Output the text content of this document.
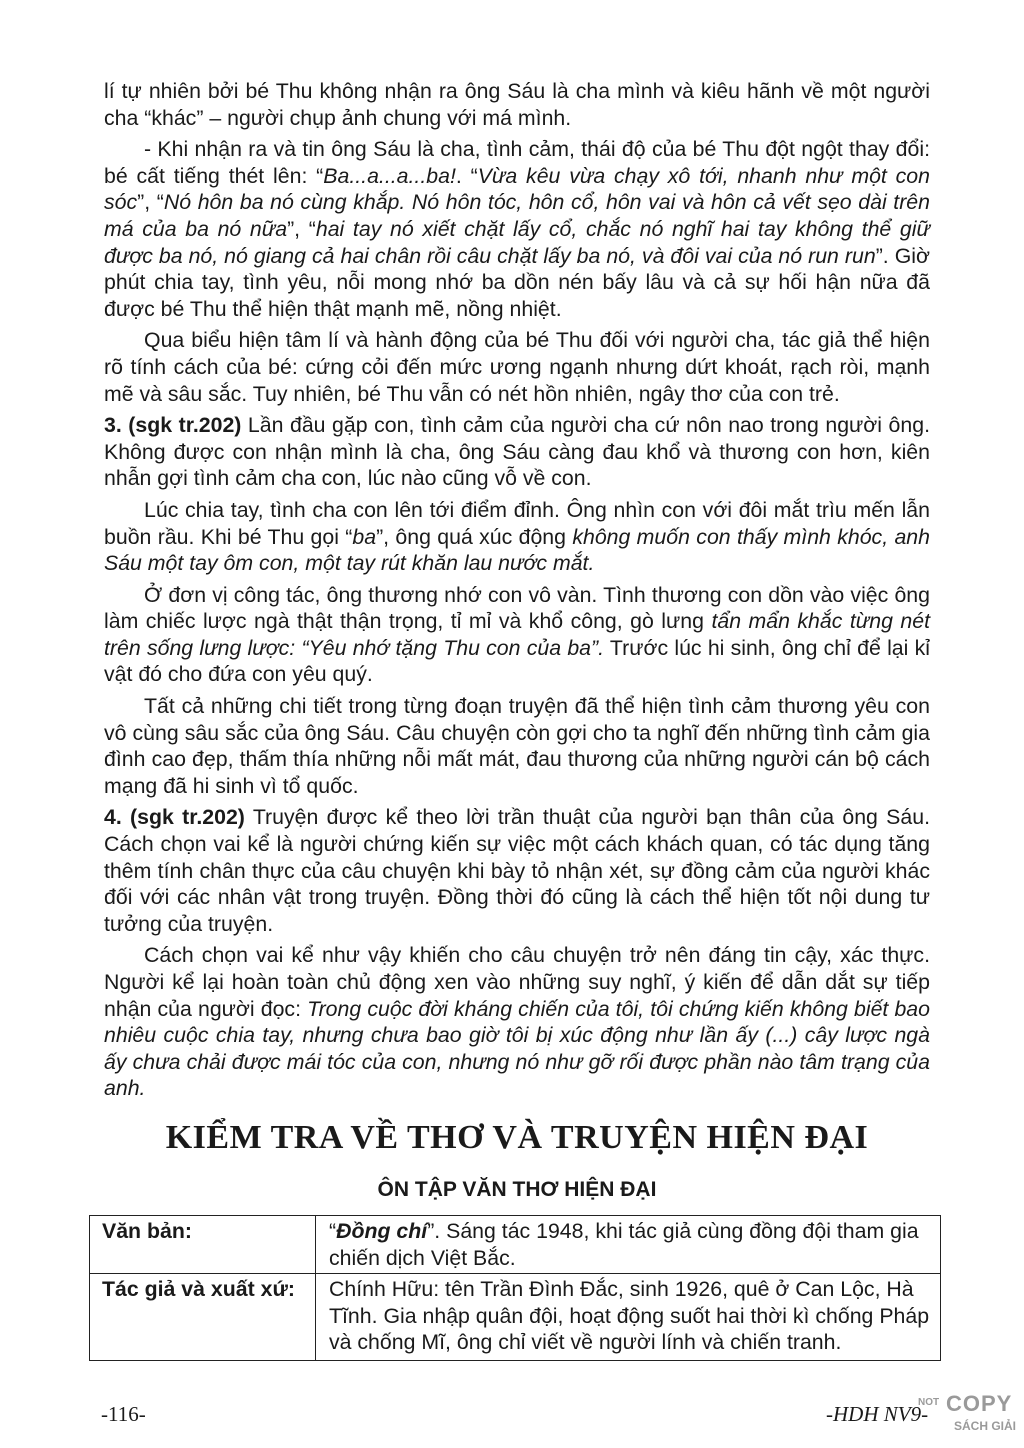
lí tự nhiên bởi bé Thu không nhận ra ông Sáu là cha mình và kiêu hãnh về một người cha “khác” – người chụp ảnh chung với má mình.

- Khi nhận ra và tin ông Sáu là cha, tình cảm, thái độ của bé Thu đột ngột thay đổi: bé cất tiếng thét lên: “Ba...a...a...ba!. “Vừa kêu vừa chạy xô tới, nhanh như một con sóc”, “Nó hôn ba nó cùng khắp. Nó hôn tóc, hôn cổ, hôn vai và hôn cả vết sẹo dài trên má của ba nó nữa”, “hai tay nó xiết chặt lấy cổ, chắc nó nghĩ hai tay không thể giữ được ba nó, nó giang cả hai chân rồi câu chặt lấy ba nó, và đôi vai của nó run run”. Giờ phút chia tay, tình yêu, nỗi mong nhớ ba dồn nén bấy lâu và cả sự hối hận nữa đã được bé Thu thể hiện thật mạnh mẽ, nồng nhiệt.

Qua biểu hiện tâm lí và hành động của bé Thu đối với người cha, tác giả thể hiện rõ tính cách của bé: cứng cỏi đến mức ương ngạnh nhưng dứt khoát, rạch ròi, mạnh mẽ và sâu sắc. Tuy nhiên, bé Thu vẫn có nét hồn nhiên, ngây thơ của con trẻ.

3. (sgk tr.202) Lần đầu gặp con, tình cảm của người cha cứ nôn nao trong người ông. Không được con nhận mình là cha, ông Sáu càng đau khổ và thương con hơn, kiên nhẫn gợi tình cảm cha con, lúc nào cũng vỗ về con.

Lúc chia tay, tình cha con lên tới điểm đỉnh. Ông nhìn con với đôi mắt trìu mến lẫn buồn rầu. Khi bé Thu gọi “ba”, ông quá xúc động không muốn con thấy mình khóc, anh Sáu một tay ôm con, một tay rút khăn lau nước mắt.

Ở đơn vị công tác, ông thương nhớ con vô vàn. Tình thương con dồn vào việc ông làm chiếc lược ngà thật thận trọng, tỉ mỉ và khổ công, gò lưng tẩn mẩn khắc từng nét trên sống lưng lược: “Yêu nhớ tặng Thu con của ba”. Trước lúc hi sinh, ông chỉ để lại kỉ vật đó cho đứa con yêu quý.

Tất cả những chi tiết trong từng đoạn truyện đã thể hiện tình cảm thương yêu con vô cùng sâu sắc của ông Sáu. Câu chuyện còn gợi cho ta nghĩ đến những tình cảm gia đình cao đẹp, thấm thía những nỗi mất mát, đau thương của những người cán bộ cách mạng đã hi sinh vì tổ quốc.

4. (sgk tr.202) Truyện được kể theo lời trần thuật của người bạn thân của ông Sáu. Cách chọn vai kể là người chứng kiến sự việc một cách khách quan, có tác dụng tăng thêm tính chân thực của câu chuyện khi bày tỏ nhận xét, sự đồng cảm của người khác đối với các nhân vật trong truyện. Đồng thời đó cũng là cách thể hiện tốt nội dung tư tưởng của truyện.

Cách chọn vai kể như vậy khiến cho câu chuyện trở nên đáng tin cậy, xác thực. Người kể lại hoàn toàn chủ động xen vào những suy nghĩ, ý kiến để dẫn dắt sự tiếp nhận của người đọc: Trong cuộc đời kháng chiến của tôi, tôi chứng kiến không biết bao nhiêu cuộc chia tay, nhưng chưa bao giờ tôi bị xúc động như lần ấy (...) cây lược ngà ấy chưa chải được mái tóc của con, nhưng nó như gỡ rối được phần nào tâm trạng của anh.

KIỂM TRA VỀ THƠ VÀ TRUYỆN HIỆN ĐẠI
ÔN TẬP VĂN THƠ HIỆN ĐẠI
Văn bản:	“Đồng chí”. Sáng tác 1948, khi tác giả cùng đồng đội tham gia chiến dịch Việt Bắc.
Tác giả và xuất xứ:	Chính Hữu: tên Trần Đình Đắc, sinh 1926, quê ở Can Lộc, Hà Tĩnh. Gia nhập quân đội, hoạt động suốt hai thời kì chống Pháp và chống Mĩ, ông chỉ viết về người lính và chiến tranh.

-116-	-HDH NV9-

NOT COPY
SÁCH GIẢI
